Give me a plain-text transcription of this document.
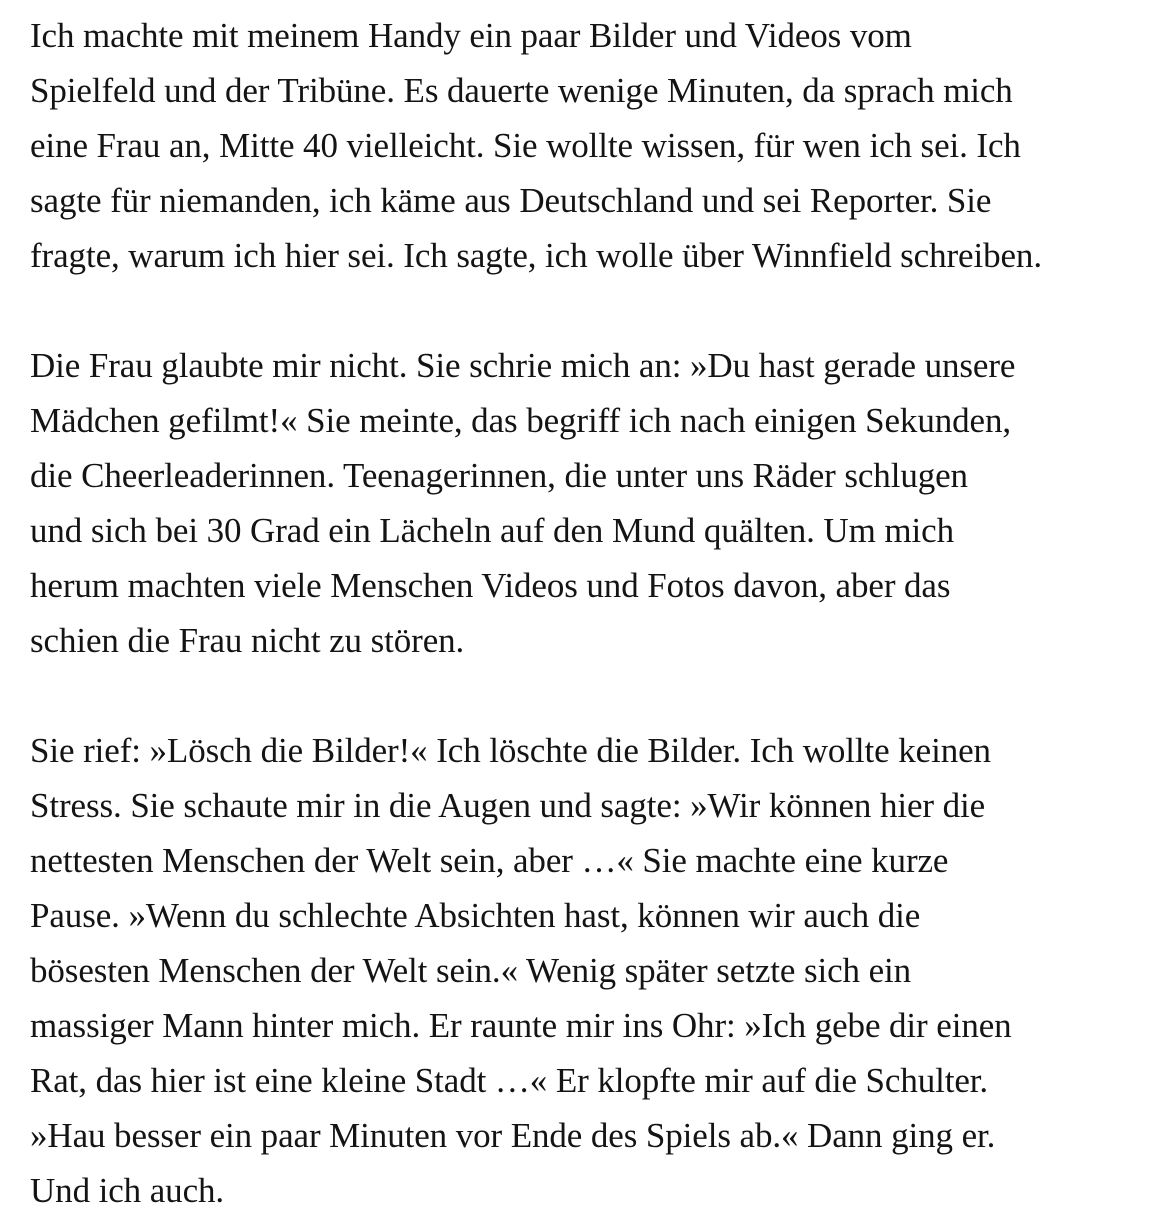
Ich machte mit meinem Handy ein paar Bilder und Videos vom
Spielfeld und der Tribüne. Es dauerte wenige Minuten, da sprach mich
eine Frau an, Mitte 40 vielleicht. Sie wollte wissen, für wen ich sei. Ich
sagte für niemanden, ich käme aus Deutschland und sei Reporter. Sie
fragte, warum ich hier sei. Ich sagte, ich wolle über Winnfield schreiben.

Die Frau glaubte mir nicht. Sie schrie mich an: »Du hast gerade unsere
Mädchen gefilmt!« Sie meinte, das begriff ich nach einigen Sekunden,
die Cheerleaderinnen. Teenagerinnen, die unter uns Räder schlugen
und sich bei 30 Grad ein Lächeln auf den Mund quälten. Um mich
herum machten viele Menschen Videos und Fotos davon, aber das
schien die Frau nicht zu stören.

Sie rief: »Lösch die Bilder!« Ich löschte die Bilder. Ich wollte keinen
Stress. Sie schaute mir in die Augen und sagte: »Wir können hier die
nettesten Menschen der Welt sein, aber …« Sie machte eine kurze
Pause. »Wenn du schlechte Absichten hast, können wir auch die
bösesten Menschen der Welt sein.« Wenig später setzte sich ein
massiger Mann hinter mich. Er raunte mir ins Ohr: »Ich gebe dir einen
Rat, das hier ist eine kleine Stadt …« Er klopfte mir auf die Schulter.
»Hau besser ein paar Minuten vor Ende des Spiels ab.« Dann ging er.
Und ich auch.
